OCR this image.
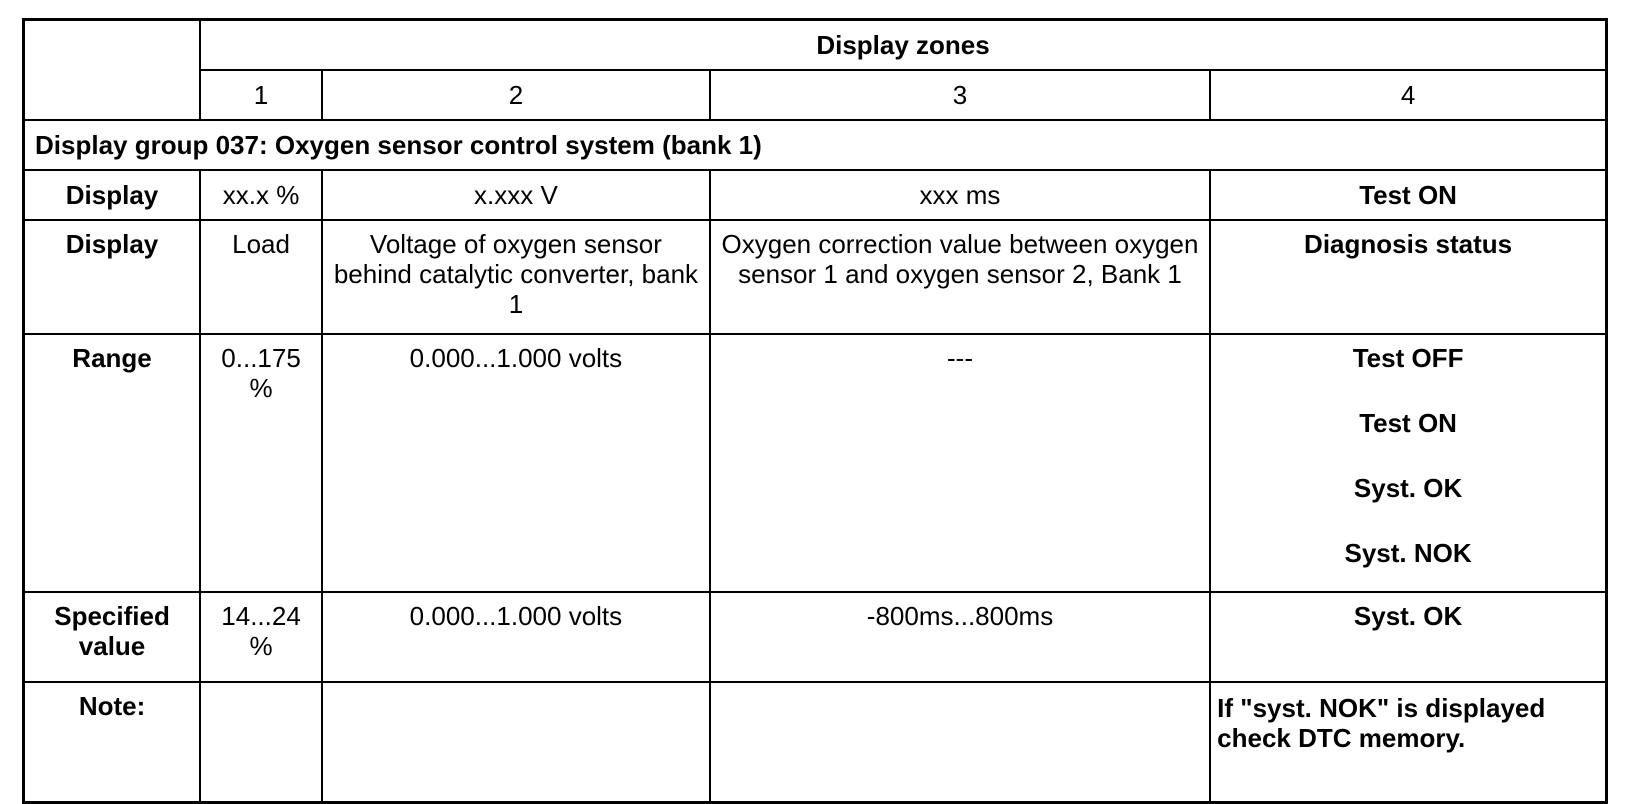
	Display zones			
	1	2	3	4
Display group 037: Oxygen sensor control system (bank 1)				
Display	xx.x %	x.xxx V	xxx ms	Test ON
Display	Load	Voltage of oxygen sensor behind catalytic converter, bank 1	Oxygen correction value between oxygen sensor 1 and oxygen sensor 2, Bank 1	Diagnosis status
Range	0...175 %	0.000...1.000 volts	---	Test OFF
Test ON
Syst. OK
Syst. NOK

Specified value	14...24 %	0.000...1.000 volts	-800ms...800ms	Syst. OK
Note:				If "syst. NOK" is displayed check DTC memory.
